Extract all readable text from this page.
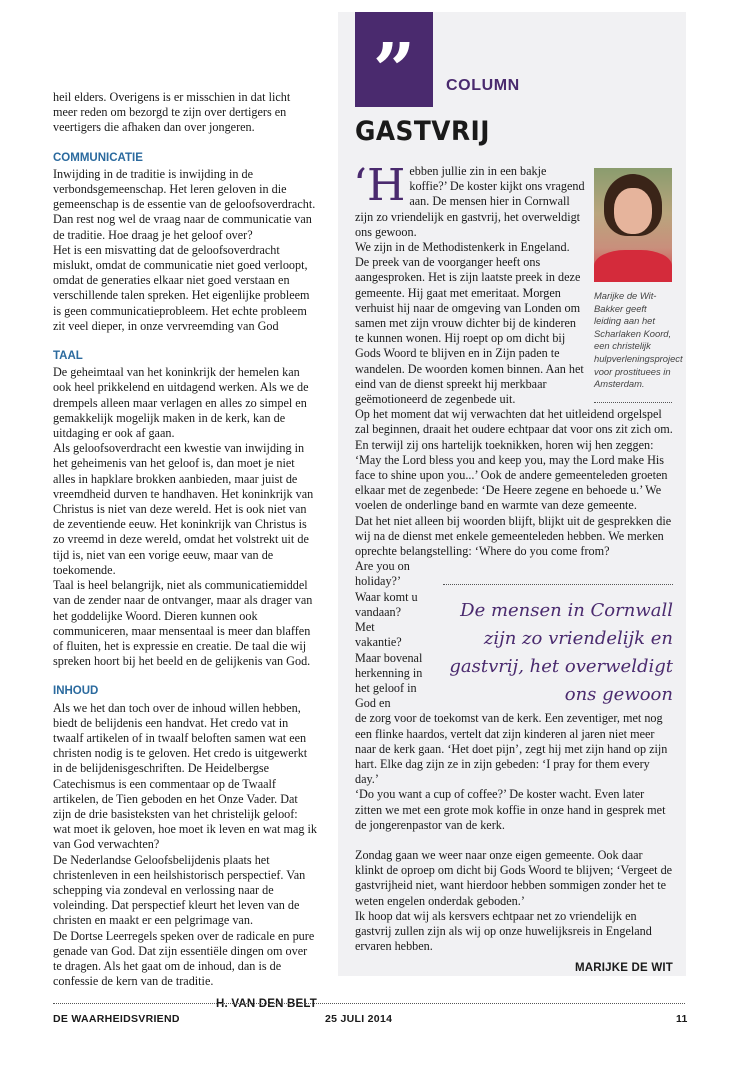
heil elders. Overigens is er misschien in dat licht meer reden om bezorgd te zijn over dertigers en veertigers die afhaken dan over jongeren.

COMMUNICATIE

Inwijding in de traditie is inwijding in de verbondsgemeenschap. Het leren geloven in die gemeenschap is de essentie van de geloofsoverdracht. Dan rest nog wel de vraag naar de communicatie van de traditie. Hoe draag je het geloof over?

Het is een misvatting dat de geloofsoverdracht mislukt, omdat de communicatie niet goed verloopt, omdat de generaties elkaar niet goed verstaan en verschillende talen spreken. Het eigenlijke probleem is geen communicatieprobleem. Het echte probleem zit veel dieper, in onze vervreemding van God

TAAL

De geheimtaal van het koninkrijk der hemelen kan ook heel prikkelend en uitdagend werken. Als we de drempels alleen maar verlagen en alles zo simpel en gemakkelijk mogelijk maken in de kerk, kan de uitdaging er ook af gaan.

Als geloofsoverdracht een kwestie van inwijding in het geheimenis van het geloof is, dan moet je niet alles in hapklare brokken aanbieden, maar juist de vreemdheid durven te handhaven. Het koninkrijk van Christus is niet van deze wereld. Het is ook niet van de zeventiende eeuw. Het koninkrijk van Christus is zo vreemd in deze wereld, omdat het volstrekt uit de tijd is, niet van een vorige eeuw, maar van de toekomende.

Taal is heel belangrijk, niet als communicatiemiddel van de zender naar de ontvanger, maar als drager van het goddelijke Woord. Dieren kunnen ook communiceren, maar mensentaal is meer dan blaffen of fluiten, het is expressie en creatie. De taal die wij spreken hoort bij het beeld en de gelijkenis van God.

INHOUD

Als we het dan toch over de inhoud willen hebben, biedt de belijdenis een handvat. Het credo vat in twaalf artikelen of in twaalf beloften samen wat een christen nodig is te geloven. Het credo is uitgewerkt in de belijdenisgeschriften. De Heidelbergse Catechismus is een commentaar op de Twaalf artikelen, de Tien geboden en het Onze Vader. Dat zijn de drie basisteksten van het christelijk geloof: wat moet ik geloven, hoe moet ik leven en wat mag ik van God verwachten?

De Nederlandse Geloofsbelijdenis plaats het christenleven in een heilshistorisch perspectief. Van schepping via zondeval en verlossing naar de voleinding. Dat perspectief kleurt het leven van de christen en maakt er een pelgrimage van.

De Dortse Leerregels speken over de radicale en pure genade van God. Dat zijn essentiële dingen om over te dragen. Als het gaat om de inhoud, dan is de confessie de kern van de traditie.

H. VAN DEN BELT
”	COLUMN
GASTVRIJ
Marijke de Wit-Bakker geeft leiding aan het Scharlaken Koord, een christelijk hulpverleningsproject voor prostituees in Amsterdam.

‘Hebben jullie zin in een bakje koffie?’ De koster kijkt ons vragend aan. De mensen hier in Cornwall zijn zo vriendelijk en gastvrij, het overweldigt ons gewoon.

We zijn in de Methodistenkerk in Engeland. De preek van de voorganger heeft ons aangesproken. Het is zijn laatste preek in deze gemeente. Hij gaat met emeritaat. Morgen verhuist hij naar de omgeving van Londen om samen met zijn vrouw dichter bij de kinderen te kunnen wonen. Hij roept op om dicht bij Gods Woord te blijven en in Zijn paden te wandelen. De woorden komen binnen. Aan het eind van de dienst spreekt hij merkbaar geëmotioneerd de zegenbede uit.

Op het moment dat wij verwachten dat het uitleidend orgelspel zal beginnen, draait het oudere echtpaar dat voor ons zit zich om. En terwijl zij ons hartelijk toeknikken, horen wij hen zeggen: ‘May the Lord bless you and keep you, may the Lord make His face to shine upon you...’ Ook de andere gemeenteleden groeten elkaar met de zegenbede: ‘De Heere zegene en behoede u.’ We voelen de onderlinge band en warmte van deze gemeente.

Dat het niet alleen bij woorden blijft, blijkt uit de gesprekken die wij na de dienst met enkele gemeenteleden hebben. We merken oprechte belangstelling: ‘Where do you come from?

Are you on holiday?’ Waar komt u vandaan? Met vakantie? Maar bovenal herkenning in het geloof in God en

de zorg voor de toekomst van de kerk. Een zeventiger, met nog een flinke haardos, vertelt dat zijn kinderen al jaren niet meer naar de kerk gaan. ‘Het doet pijn’, zegt hij met zijn hand op zijn hart. Elke dag zijn ze in zijn gebeden: ‘I pray for them every day.’

‘Do you want a cup of coffee?’ De koster wacht. Even later zitten we met een grote mok koffie in onze hand in gesprek met de jongerenpastor van de kerk.

Zondag gaan we weer naar onze eigen gemeente. Ook daar klinkt de oproep om dicht bij Gods Woord te blijven; ‘Vergeet de gastvrijheid niet, want hierdoor hebben sommigen zonder het te weten engelen onderdak geboden.’

Ik hoop dat wij als kersvers echtpaar net zo vriendelijk en gastvrij zullen zijn als wij op onze huwelijksreis in Engeland ervaren hebben.

MARIJKE DE WIT
De mensen in Cornwall zijn zo vriendelijk en gastvrij, het overweldigt ons gewoon
DE WAARHEIDSVRIEND	25 JULI 2014	11
